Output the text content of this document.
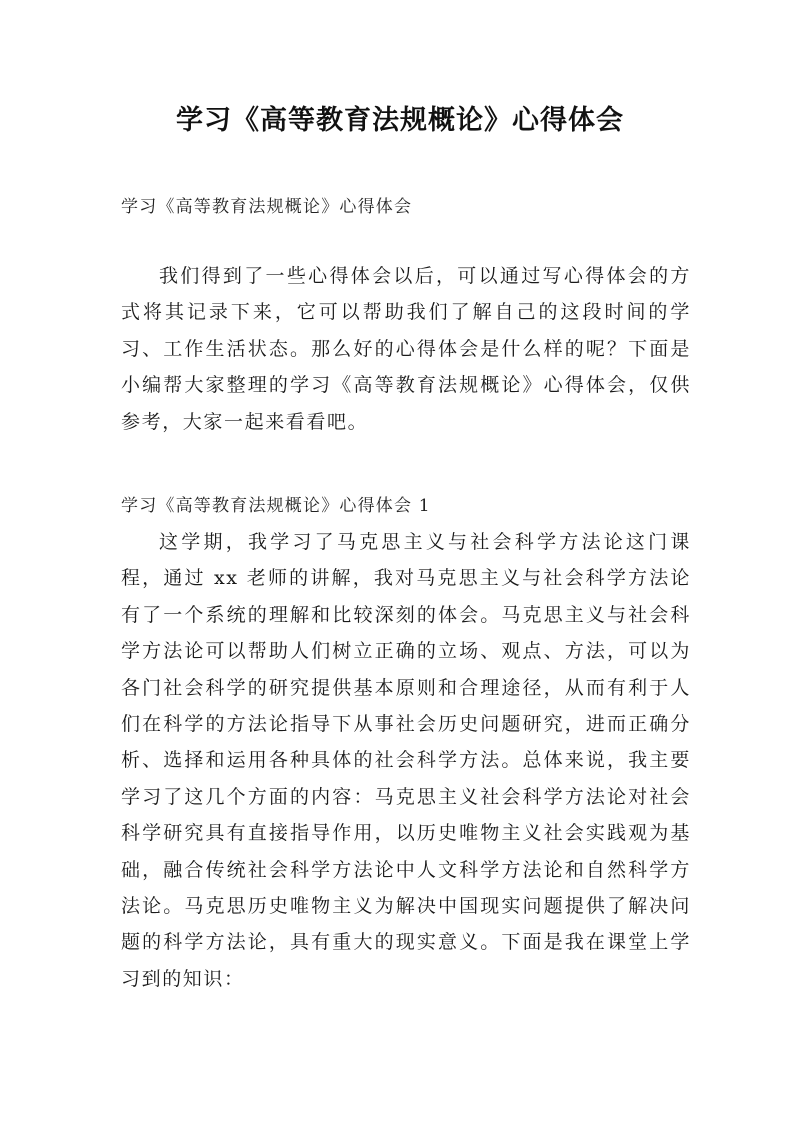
学习《高等教育法规概论》心得体会
学习《高等教育法规概论》心得体会

我们得到了一些心得体会以后，可以通过写心得体会的方式将其记录下来，它可以帮助我们了解自己的这段时间的学习、工作生活状态。那么好的心得体会是什么样的呢？下面是小编帮大家整理的学习《高等教育法规概论》心得体会，仅供参考，大家一起来看看吧。

学习《高等教育法规概论》心得体会 1

这学期，我学习了马克思主义与社会科学方法论这门课程，通过 xx 老师的讲解，我对马克思主义与社会科学方法论有了一个系统的理解和比较深刻的体会。马克思主义与社会科学方法论可以帮助人们树立正确的立场、观点、方法，可以为各门社会科学的研究提供基本原则和合理途径，从而有利于人们在科学的方法论指导下从事社会历史问题研究，进而正确分析、选择和运用各种具体的社会科学方法。总体来说，我主要学习了这几个方面的内容：马克思主义社会科学方法论对社会科学研究具有直接指导作用，以历史唯物主义社会实践观为基础，融合传统社会科学方法论中人文科学方法论和自然科学方法论。马克思历史唯物主义为解决中国现实问题提供了解决问题的科学方法论，具有重大的现实意义。下面是我在课堂上学习到的知识：
